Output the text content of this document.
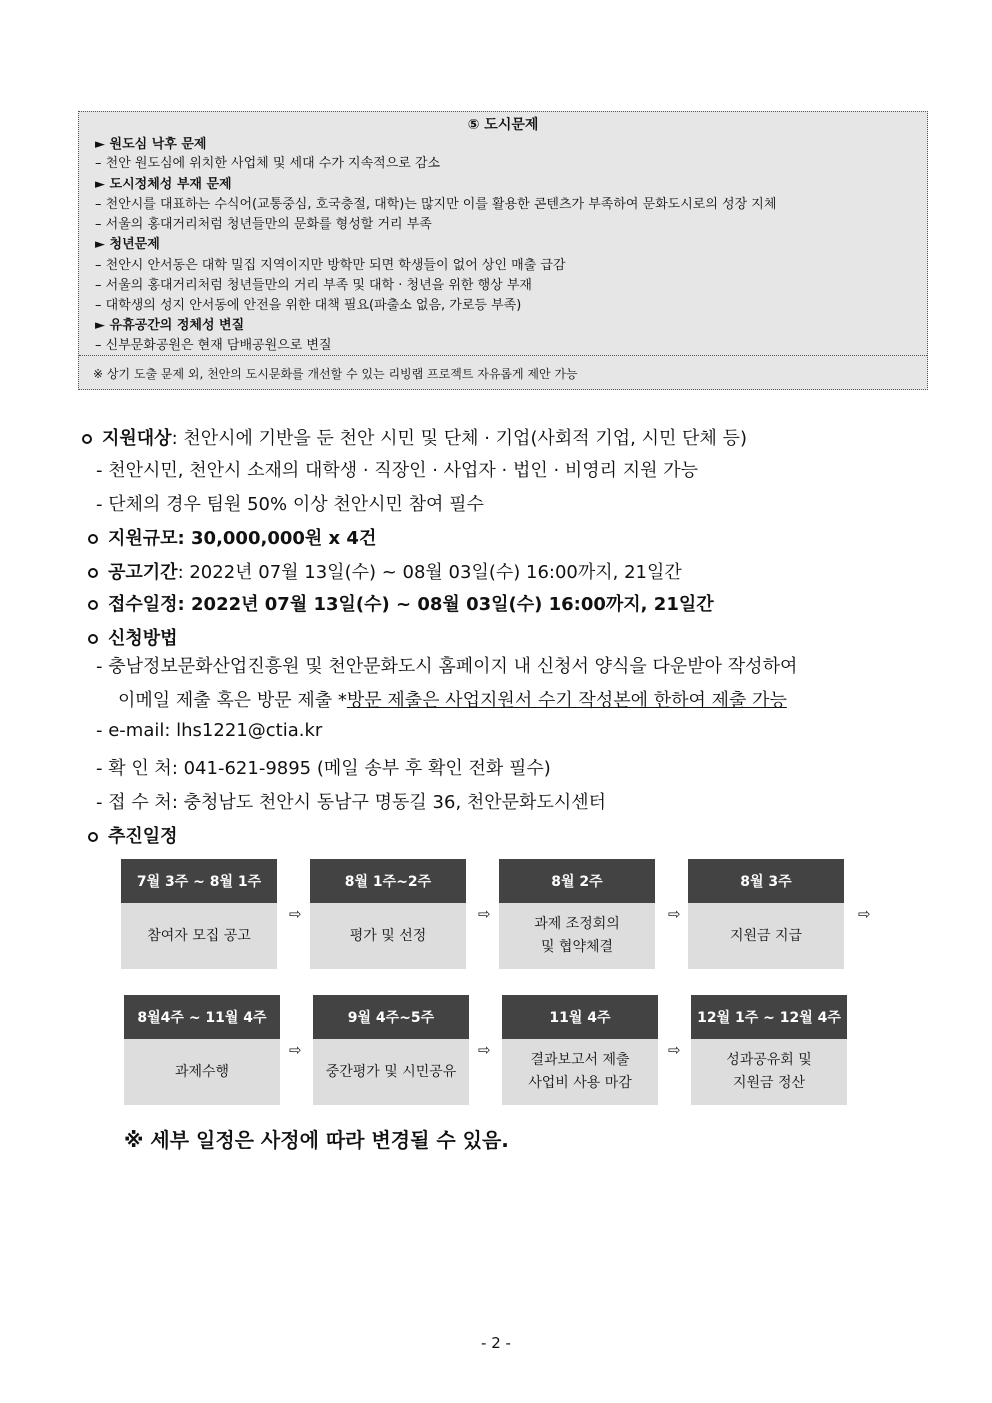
⑤ 도시문제
► 원도심 낙후 문제
– 천안 원도심에 위치한 사업체 및 세대 수가 지속적으로 감소
► 도시정체성 부재 문제
– 천안시를 대표하는 수식어(교통중심, 호국충절, 대학)는 많지만 이를 활용한 콘텐츠가 부족하여 문화도시로의 성장 지체
– 서울의 홍대거리처럼 청년들만의 문화를 형성할 거리 부족
► 청년문제
– 천안시 안서동은 대학 밀집 지역이지만 방학만 되면 학생들이 없어 상인 매출 급감
– 서울의 홍대거리처럼 청년들만의 거리 부족 및 대학 · 청년을 위한 행상 부재
– 대학생의 성지 안서동에 안전을 위한 대책 필요(파출소 없음, 가로등 부족)
► 유휴공간의 정체성 변질
– 신부문화공원은 현재 담배공원으로 변질
※ 상기 도출 문제 외, 천안의 도시문화를 개선할 수 있는 리빙랩 프로젝트 자유롭게 제안 가능
지원대상: 천안시에 기반을 둔 천안 시민 및 단체 · 기업(사회적 기업, 시민 단체 등)
- 천안시민, 천안시 소재의 대학생 · 직장인 · 사업자 · 법인 · 비영리 지원 가능
- 단체의 경우 팀원 50% 이상 천안시민 참여 필수
지원규모: 30,000,000원 x 4건
공고기간: 2022년 07월 13일(수) ~ 08월 03일(수) 16:00까지, 21일간
접수일정: 2022년 07월 13일(수) ~ 08월 03일(수) 16:00까지, 21일간
신청방법
- 충남정보문화산업진흥원 및 천안문화도시 홈페이지 내 신청서 양식을 다운받아 작성하여
이메일 제출 혹은 방문 제출 *방문 제출은 사업지원서 수기 작성본에 한하여 제출 가능
- e-mail: lhs1221@ctia.kr
- 확 인 처: 041-621-9895 (메일 송부 후 확인 전화 필수)
- 접 수 처: 충청남도 천안시 동남구 명동길 36, 천안문화도시센터
추진일정
7월 3주 ~ 8월 1주
참여자 모집 공고
⇨
8월 1주~2주
평가 및 선정
⇨
8월 2주
과제 조정회의
및 협약체결
⇨
8월 3주
지원금 지급
⇨
8월4주 ~ 11월 4주
과제수행
⇨
9월 4주~5주
중간평가 및 시민공유
⇨
11월 4주
결과보고서 제출
사업비 사용 마감
⇨
12월 1주 ~ 12월 4주
성과공유회 및
지원금 정산
※ 세부 일정은 사정에 따라 변경될 수 있음.
- 2 -
